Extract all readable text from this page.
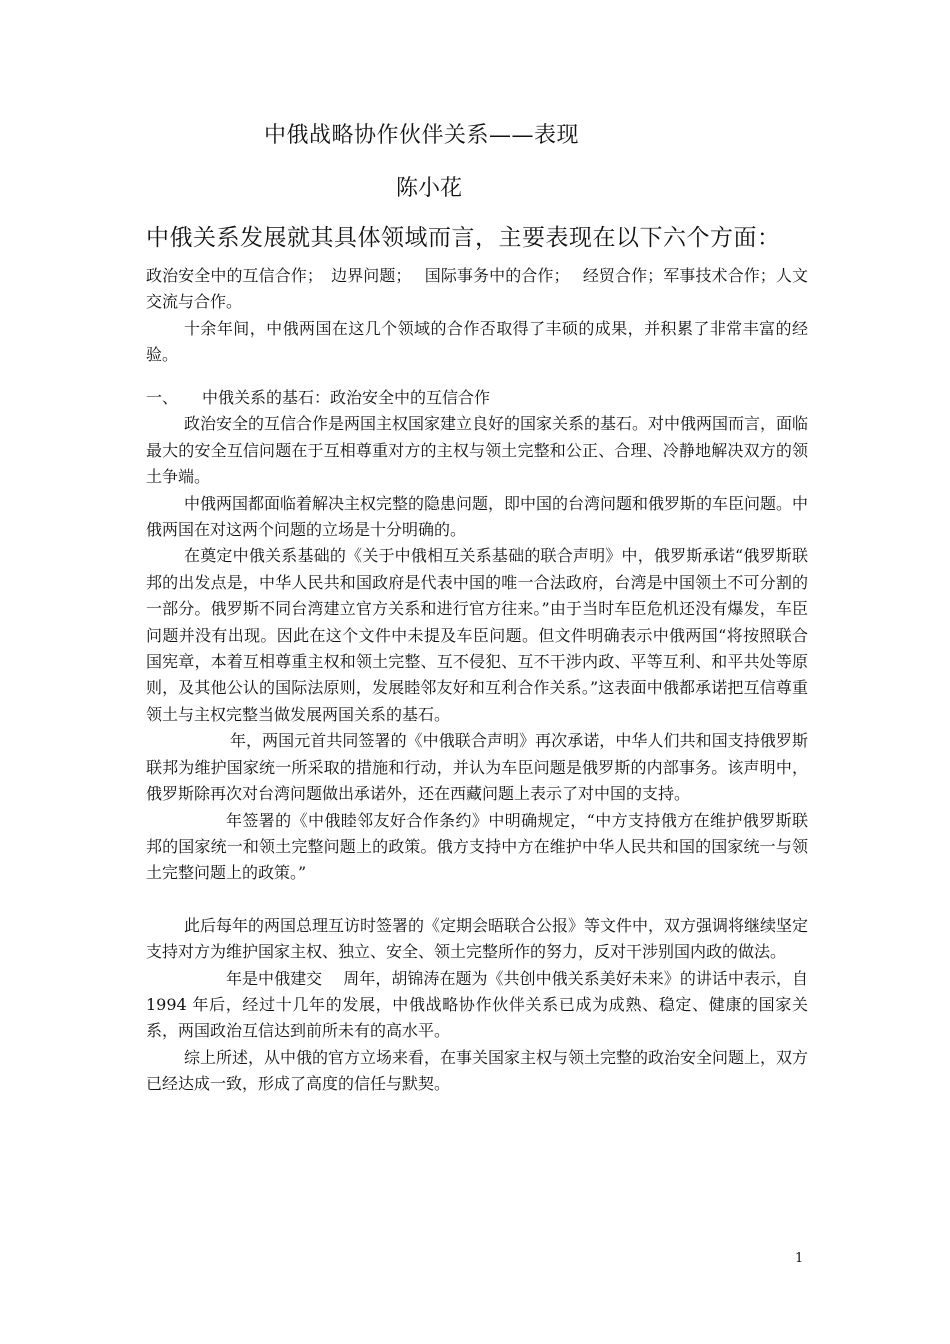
中俄战略协作伙伴关系——表现
陈小花
中俄关系发展就其具体领域而言，主要表现在以下六个方面：

政治安全中的互信合作；　边界问题；　 国际事务中的合作；　 经贸合作；军事技术合作；人文交流与合作。

十余年间，中俄两国在这几个领域的合作否取得了丰硕的成果，并积累了非常丰富的经验。

一、	中俄关系的基石：政治安全中的互信合作

政治安全的互信合作是两国主权国家建立良好的国家关系的基石。对中俄两国而言，面临最大的安全互信问题在于互相尊重对方的主权与领土完整和公正、合理、冷静地解决双方的领土争端。

中俄两国都面临着解决主权完整的隐患问题，即中国的台湾问题和俄罗斯的车臣问题。中俄两国在对这两个问题的立场是十分明确的。

在奠定中俄关系基础的《关于中俄相互关系基础的联合声明》中，俄罗斯承诺“俄罗斯联邦的出发点是，中华人民共和国政府是代表中国的唯一合法政府，台湾是中国领土不可分割的一部分。俄罗斯不同台湾建立官方关系和进行官方往来。”由于当时车臣危机还没有爆发，车臣问题并没有出现。因此在这个文件中未提及车臣问题。但文件明确表示中俄两国“将按照联合国宪章，本着互相尊重主权和领土完整、互不侵犯、互不干涉内政、平等互利、和平共处等原则，及其他公认的国际法原则，发展睦邻友好和互利合作关系。”这表面中俄都承诺把互信尊重领土与主权完整当做发展两国关系的基石。

年，两国元首共同签署的《中俄联合声明》再次承诺，中华人们共和国支持俄罗斯联邦为维护国家统一所采取的措施和行动，并认为车臣问题是俄罗斯的内部事务。该声明中，俄罗斯除再次对台湾问题做出承诺外，还在西藏问题上表示了对中国的支持。

年签署的《中俄睦邻友好合作条约》中明确规定，“中方支持俄方在维护俄罗斯联邦的国家统一和领土完整问题上的政策。俄方支持中方在维护中华人民共和国的国家统一与领土完整问题上的政策。”

此后每年的两国总理互访时签署的《定期会晤联合公报》等文件中，双方强调将继续坚定支持对方为维护国家主权、独立、安全、领土完整所作的努力，反对干涉别国内政的做法。

年是中俄建交　 周年，胡锦涛在题为《共创中俄关系美好未来》的讲话中表示，自 1994 年后，经过十几年的发展，中俄战略协作伙伴关系已成为成熟、稳定、健康的国家关系，两国政治互信达到前所未有的高水平。

综上所述，从中俄的官方立场来看，在事关国家主权与领土完整的政治安全问题上，双方已经达成一致，形成了高度的信任与默契。

1
